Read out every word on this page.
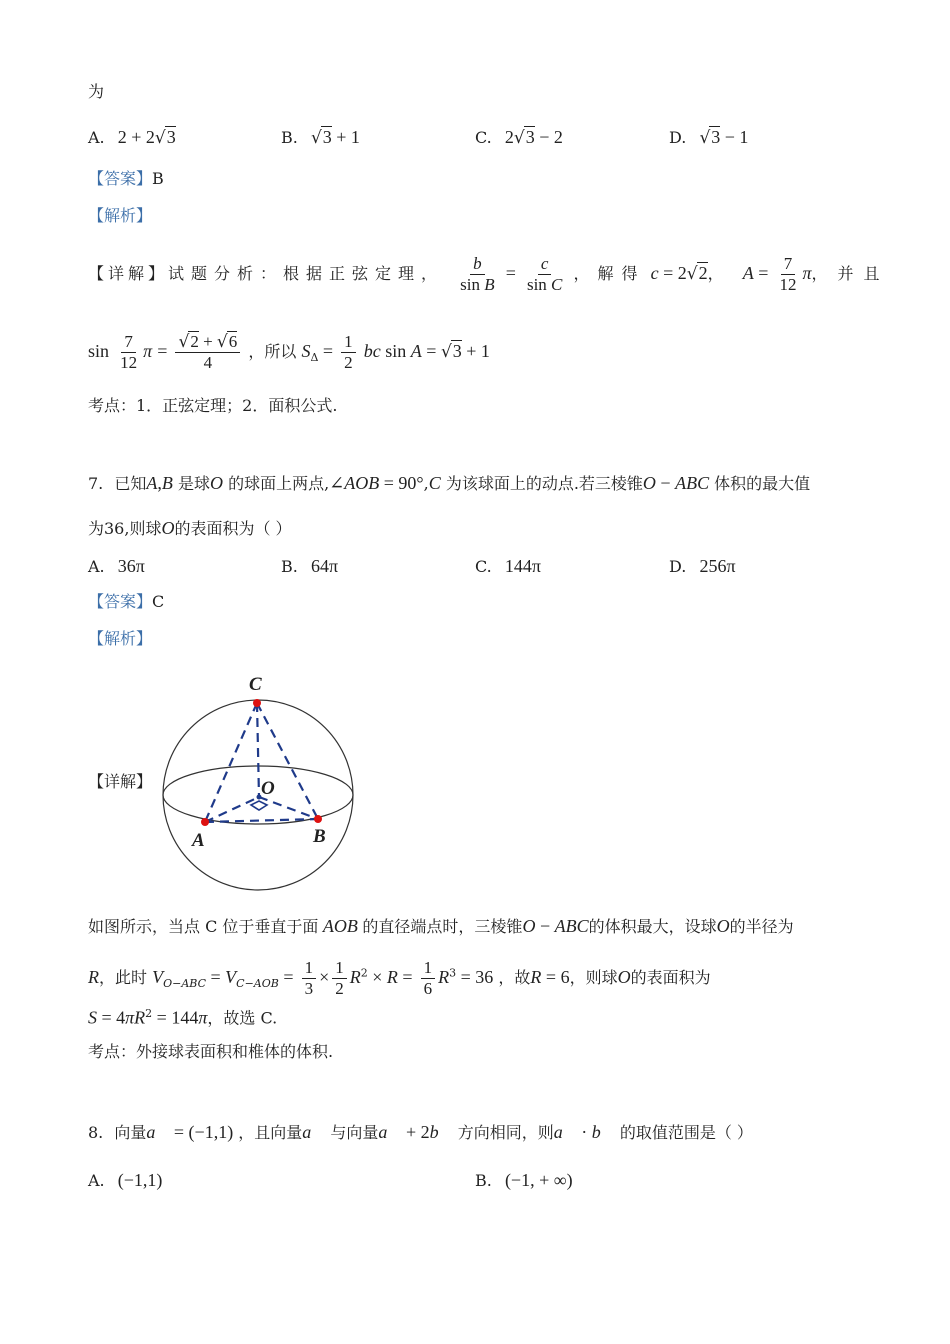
为
A. 2 + 2√3	B. √3 + 1	C. 2√3 − 2	D. √3 − 1
【答案】B
【解析】
【详解】试题分析：根据正弦定理， $\frac{b}{\text{sin B}} = \frac{c}{\text{sin C}}$ ，解得 c = 2√2， $A = \frac{7}{12}$ π，并且
$\sin \frac{7}{12}$ $\pi = \frac{√2 + √6}{4}$ ，所以 $S_\Delta = \frac{1}{2}$ bc sin A = √3 + 1
考点：1．正弦定理；2．面积公式.
7. 已知A,B 是球O 的球面上两点,∠AOB = 90°,C 为该球面上的动点.若三棱锥O − ABC 体积的最大值
为36,则球O的表面积为（ ）
A. 36π	B. 64π	C. 144π	D. 256π
【答案】C
【解析】
【详解】
C
O
A	B
如图所示，当点 C 位于垂直于面 AOB 的直径端点时，三棱锥O − ABC的体积最大，设球O的半径为
R，此时 $V_{O-ABC} = V_{C-AOB} = \frac{1}{3} \times \frac{1}{2} R^2 \times R = \frac{1}{6} R^3 = 36$ ，故R = 6，则球O的表面积为
$S = 4\pi R^2 = 144\pi$，故选 C.
考点：外接球表面积和椎体的体积.
8. 向量a⃗ = (−1,1) ，且向量a⃗ 与向量a⃗ + 2b⃗ 方向相同，则a⃗ · b⃗ 的取值范围是（ ）
A. (−1,1)	B. (−1, + ∞)
